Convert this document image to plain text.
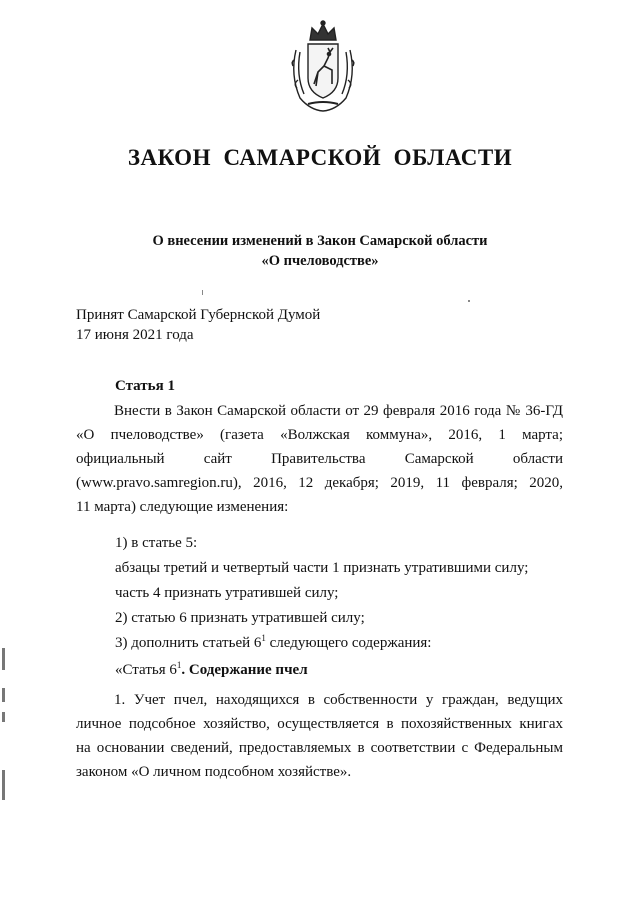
ЗАКОН  САМАРСКОЙ  ОБЛАСТИ
О внесении изменений в Закон Самарской области
«О пчеловодстве»
Принят Самарской Губернской Думой
17 июня 2021 года
Статья 1
Внести в Закон Самарской области от 29 февраля 2016 года № 36-ГД
«О пчеловодстве» (газета «Волжская коммуна», 2016, 1 марта;
официальный сайт Правительства Самарской области
(www.pravo.samregion.ru), 2016, 12 декабря; 2019, 11 февраля; 2020,
11 марта) следующие изменения:
1) в статье 5:
абзацы третий и четвертый части 1 признать утратившими силу;
часть 4 признать утратившей силу;
2) статью 6 признать утратившей силу;
3) дополнить статьей $6^1$ следующего содержания:
«Статья $6^1$. Содержание пчел
1. Учет пчел, находящихся в собственности у граждан, ведущих
личное подсобное хозяйство, осуществляется в похозяйственных книгах
на основании сведений, предоставляемых в соответствии с Федеральным
законом «О личном подсобном хозяйстве».
